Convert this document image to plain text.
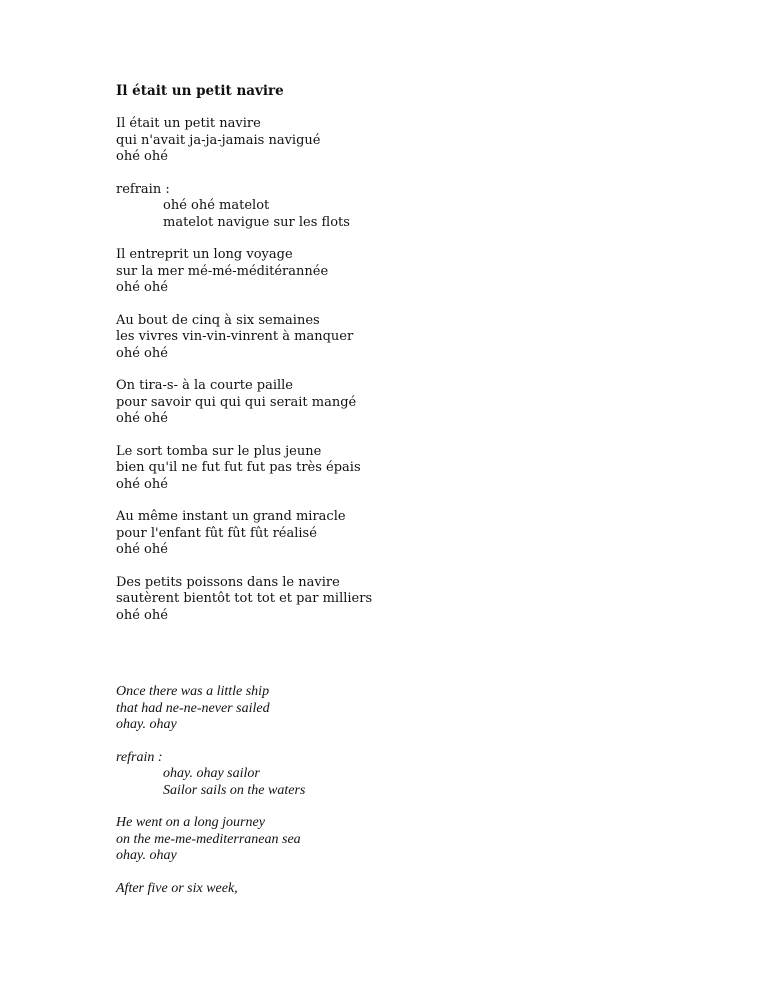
Il était un petit navire
Il était un petit navire
qui n'avait ja-ja-jamais navigué
ohé ohé
refrain :
ohé ohé matelot
matelot navigue sur les flots
Il entreprit un long voyage
sur la mer mé-mé-méditérannée
ohé ohé
Au bout de cinq à six semaines
les vivres vin-vin-vinrent à manquer
ohé ohé
On tira-s- à la courte paille
pour savoir qui qui qui serait mangé
ohé ohé
Le sort tomba sur le plus jeune
bien qu'il ne fut fut fut pas très épais
ohé ohé
Au même instant un grand miracle
pour l'enfant fût fût fût réalisé
ohé ohé
Des petits poissons dans le navire
sautèrent bientôt tot tot et par milliers
ohé ohé
Once there was a little ship
that had ne-ne-never sailed
ohay. ohay
refrain :
ohay. ohay sailor
Sailor sails on the waters
He went on a long journey
on the me-me-mediterranean sea
ohay. ohay
After five or six week,
